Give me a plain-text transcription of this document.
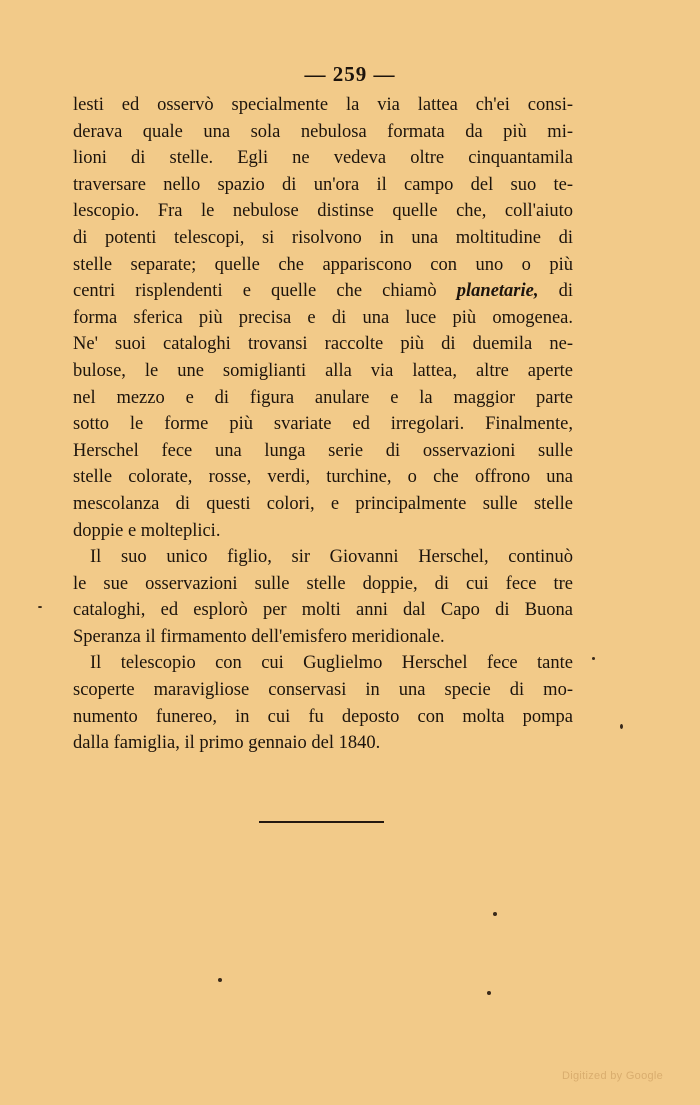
— 259 —
lesti ed osservò specialmente la via lattea ch'ei consi-
derava quale una sola nebulosa formata da più mi-
lioni di stelle. Egli ne vedeva oltre cinquantamila
traversare nello spazio di un'ora il campo del suo te-
lescopio. Fra le nebulose distinse quelle che, coll'aiuto
di potenti telescopi, si risolvono in una moltitudine di
stelle separate; quelle che appariscono con uno o più
centri risplendenti e quelle che chiamò planetarie, di
forma sferica più precisa e di una luce più omogenea.
Ne' suoi cataloghi trovansi raccolte più di duemila ne-
bulose, le une somiglianti alla via lattea, altre aperte
nel mezzo e di figura anulare e la maggior parte
sotto le forme più svariate ed irregolari. Finalmente,
Herschel fece una lunga serie di osservazioni sulle
stelle colorate, rosse, verdi, turchine, o che offrono una
mescolanza di questi colori, e principalmente sulle stelle
doppie e molteplici.
Il suo unico figlio, sir Giovanni Herschel, continuò
le sue osservazioni sulle stelle doppie, di cui fece tre
cataloghi, ed esplorò per molti anni dal Capo di Buona
Speranza il firmamento dell'emisfero meridionale.
Il telescopio con cui Guglielmo Herschel fece tante
scoperte maravigliose conservasi in una specie di mo-
numento funereo, in cui fu deposto con molta pompa
dalla famiglia, il primo gennaio del 1840.
Digitized by Google
